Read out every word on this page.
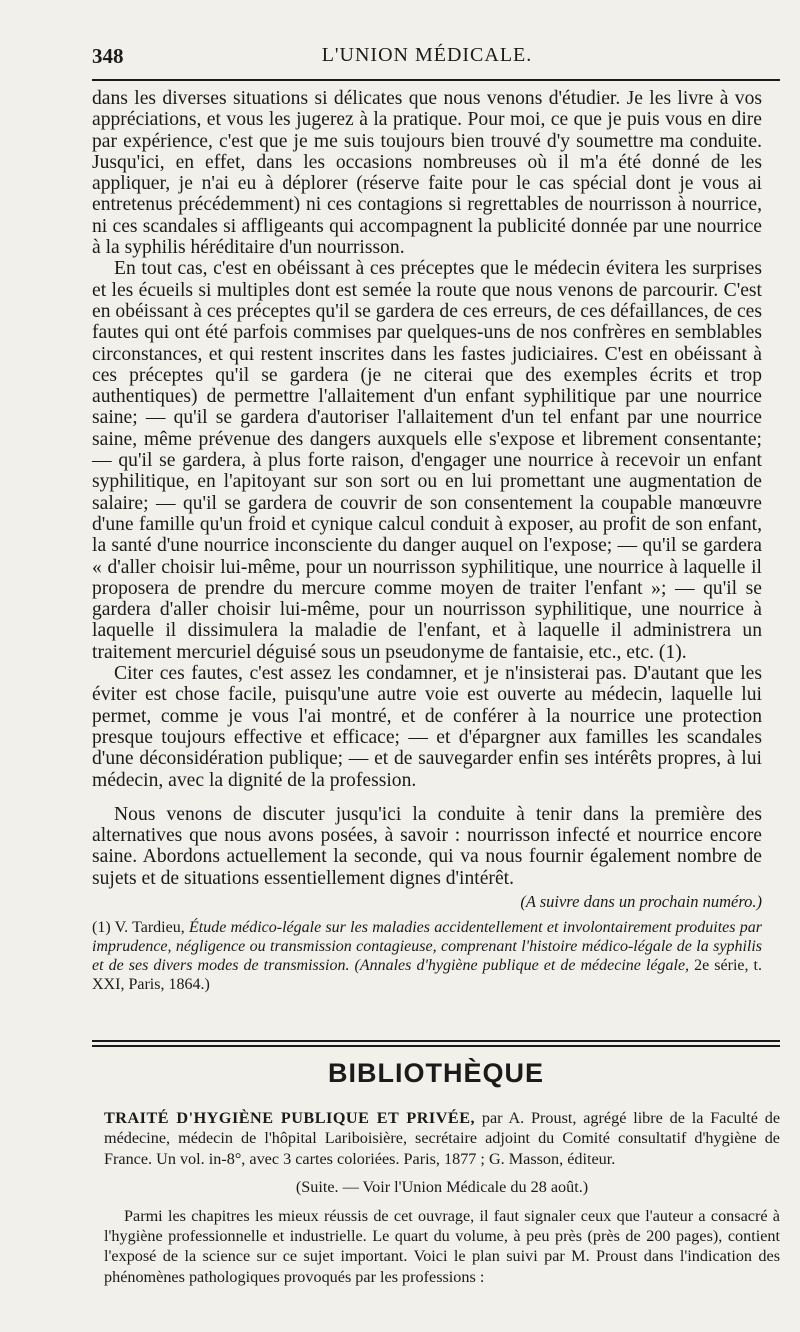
348	L'UNION MÉDICALE.

dans les diverses situations si délicates que nous venons d'étudier. Je les livre à vos appréciations, et vous les jugerez à la pratique. Pour moi, ce que je puis vous en dire par expérience, c'est que je me suis toujours bien trouvé d'y soumettre ma conduite. Jusqu'ici, en effet, dans les occasions nombreuses où il m'a été donné de les appliquer, je n'ai eu à déplorer (réserve faite pour le cas spécial dont je vous ai entretenus précédemment) ni ces contagions si regrettables de nourrisson à nourrice, ni ces scandales si affligeants qui accompagnent la publicité donnée par une nourrice à la syphilis héréditaire d'un nourrisson.

En tout cas, c'est en obéissant à ces préceptes que le médecin évitera les surprises et les écueils si multiples dont est semée la route que nous venons de parcourir. C'est en obéissant à ces préceptes qu'il se gardera de ces erreurs, de ces défaillances, de ces fautes qui ont été parfois commises par quelques-uns de nos confrères en semblables circonstances, et qui restent inscrites dans les fastes judiciaires. C'est en obéissant à ces préceptes qu'il se gardera (je ne citerai que des exemples écrits et trop authentiques) de permettre l'allaitement d'un enfant syphilitique par une nourrice saine; — qu'il se gardera d'autoriser l'allaitement d'un tel enfant par une nourrice saine, même prévenue des dangers auxquels elle s'expose et librement consentante; — qu'il se gardera, à plus forte raison, d'engager une nourrice à recevoir un enfant syphilitique, en l'apitoyant sur son sort ou en lui promettant une augmentation de salaire; — qu'il se gardera de couvrir de son consentement la coupable manœuvre d'une famille qu'un froid et cynique calcul conduit à exposer, au profit de son enfant, la santé d'une nourrice inconsciente du danger auquel on l'expose; — qu'il se gardera « d'aller choisir lui-même, pour un nourrisson syphilitique, une nourrice à laquelle il proposera de prendre du mercure comme moyen de traiter l'enfant »; — qu'il se gardera d'aller choisir lui-même, pour un nourrisson syphilitique, une nourrice à laquelle il dissimulera la maladie de l'enfant, et à laquelle il administrera un traitement mercuriel déguisé sous un pseudonyme de fantaisie, etc., etc. (1).

Citer ces fautes, c'est assez les condamner, et je n'insisterai pas. D'autant que les éviter est chose facile, puisqu'une autre voie est ouverte au médecin, laquelle lui permet, comme je vous l'ai montré, et de conférer à la nourrice une protection presque toujours effective et efficace; — et d'épargner aux familles les scandales d'une déconsidération publique; — et de sauvegarder enfin ses intérêts propres, à lui médecin, avec la dignité de la profession.

Nous venons de discuter jusqu'ici la conduite à tenir dans la première des alternatives que nous avons posées, à savoir : nourrisson infecté et nourrice encore saine. Abordons actuellement la seconde, qui va nous fournir également nombre de sujets et de situations essentiellement dignes d'intérêt.

(A suivre dans un prochain numéro.)

(1) V. Tardieu, Étude médico-légale sur les maladies accidentellement et involontairement produites par imprudence, négligence ou transmission contagieuse, comprenant l'histoire médico-légale de la syphilis et de ses divers modes de transmission. (Annales d'hygiène publique et de médecine légale, 2e série, t. XXI, Paris, 1864.)

BIBLIOTHÈQUE

TRAITÉ D'HYGIÈNE PUBLIQUE ET PRIVÉE, par A. Proust, agrégé libre de la Faculté de médecine, médecin de l'hôpital Lariboisière, secrétaire adjoint du Comité consultatif d'hygiène de France. Un vol. in-8°, avec 3 cartes coloriées. Paris, 1877 ; G. Masson, éditeur.

(Suite. — Voir l'Union Médicale du 28 août.)

Parmi les chapitres les mieux réussis de cet ouvrage, il faut signaler ceux que l'auteur a consacré à l'hygiène professionnelle et industrielle. Le quart du volume, à peu près (près de 200 pages), contient l'exposé de la science sur ce sujet important. Voici le plan suivi par M. Proust dans l'indication des phénomènes pathologiques provoqués par les professions :
